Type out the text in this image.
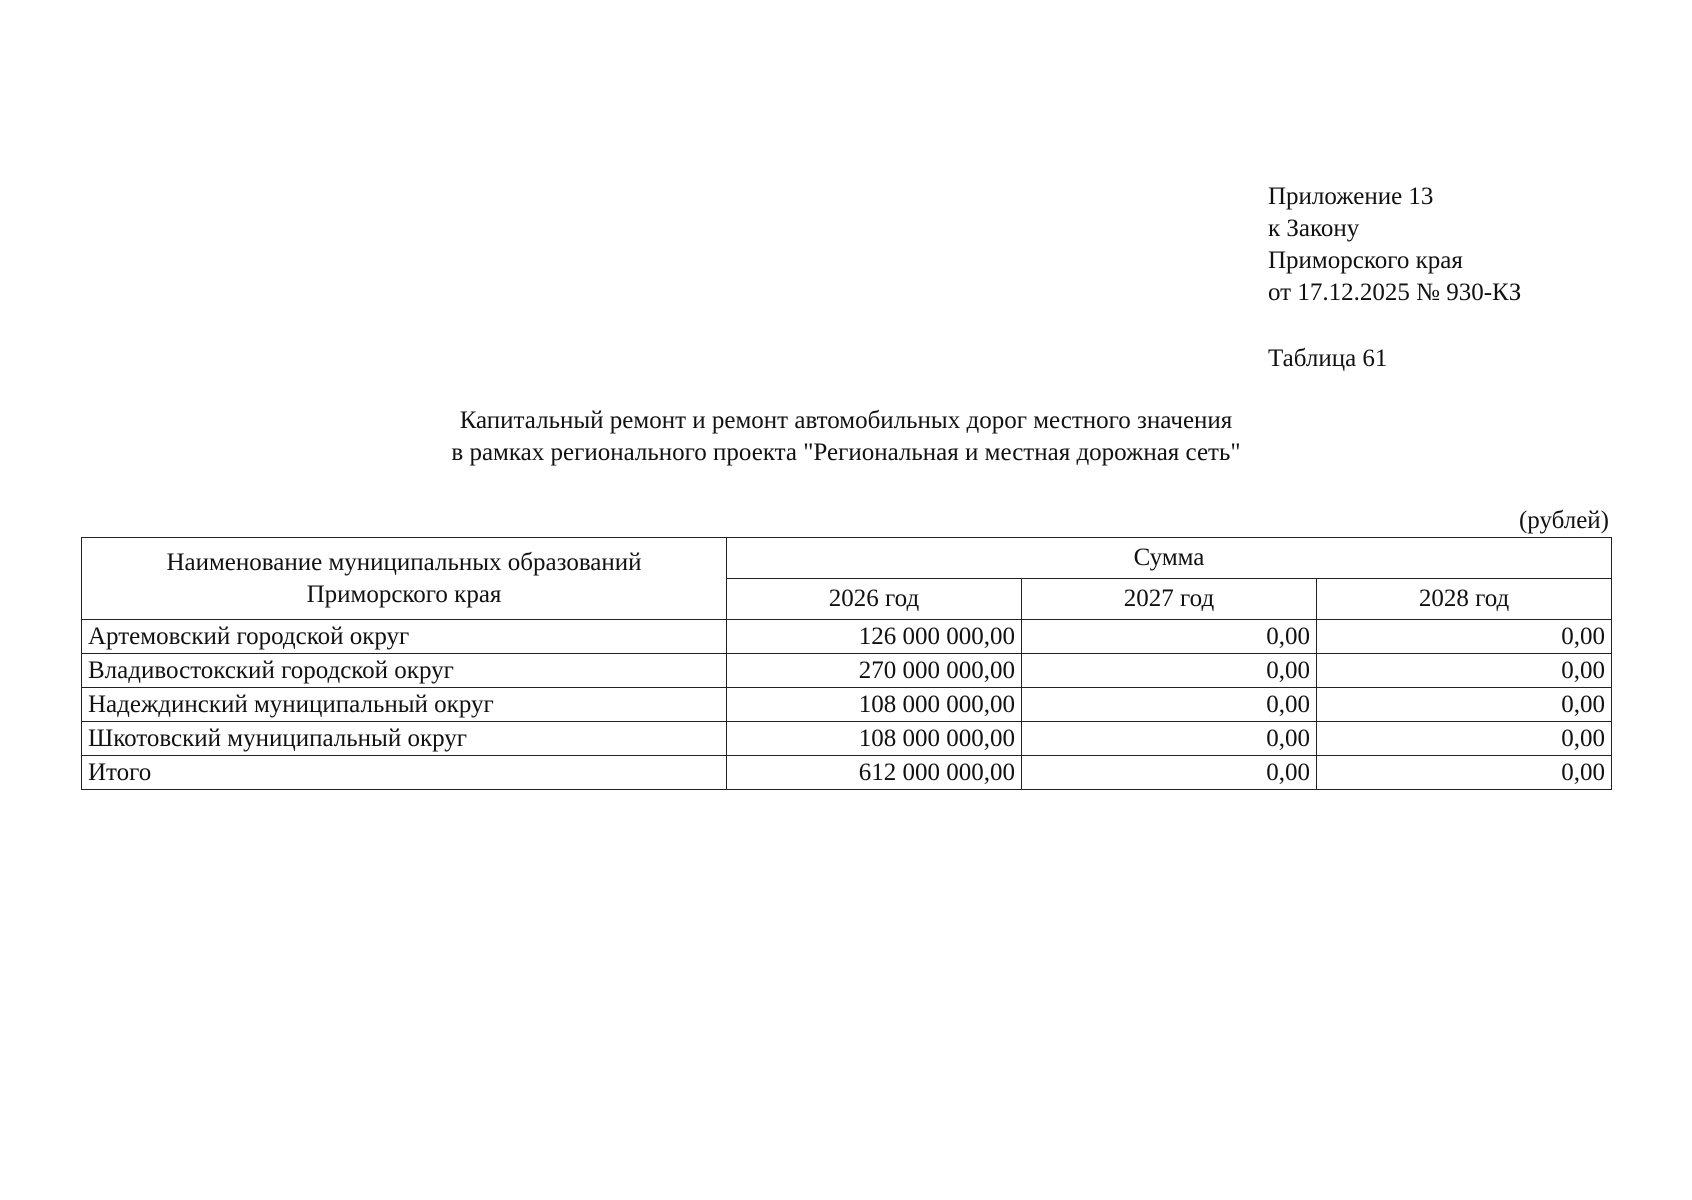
Приложение 13
к Закону
Приморского края
от 17.12.2025 № 930-КЗ
Таблица 61
Капитальный ремонт и ремонт автомобильных дорог местного значения
в рамках регионального проекта "Региональная и местная дорожная сеть"
(рублей)
Наименование муниципальных образований
Приморского края	Сумма		
	2026 год	2027 год	2028 год
Артемовский городской округ	126 000 000,00	0,00	0,00
Владивостокский городской округ	270 000 000,00	0,00	0,00
Надеждинский муниципальный округ	108 000 000,00	0,00	0,00
Шкотовский муниципальный округ	108 000 000,00	0,00	0,00
Итого	612 000 000,00	0,00	0,00
